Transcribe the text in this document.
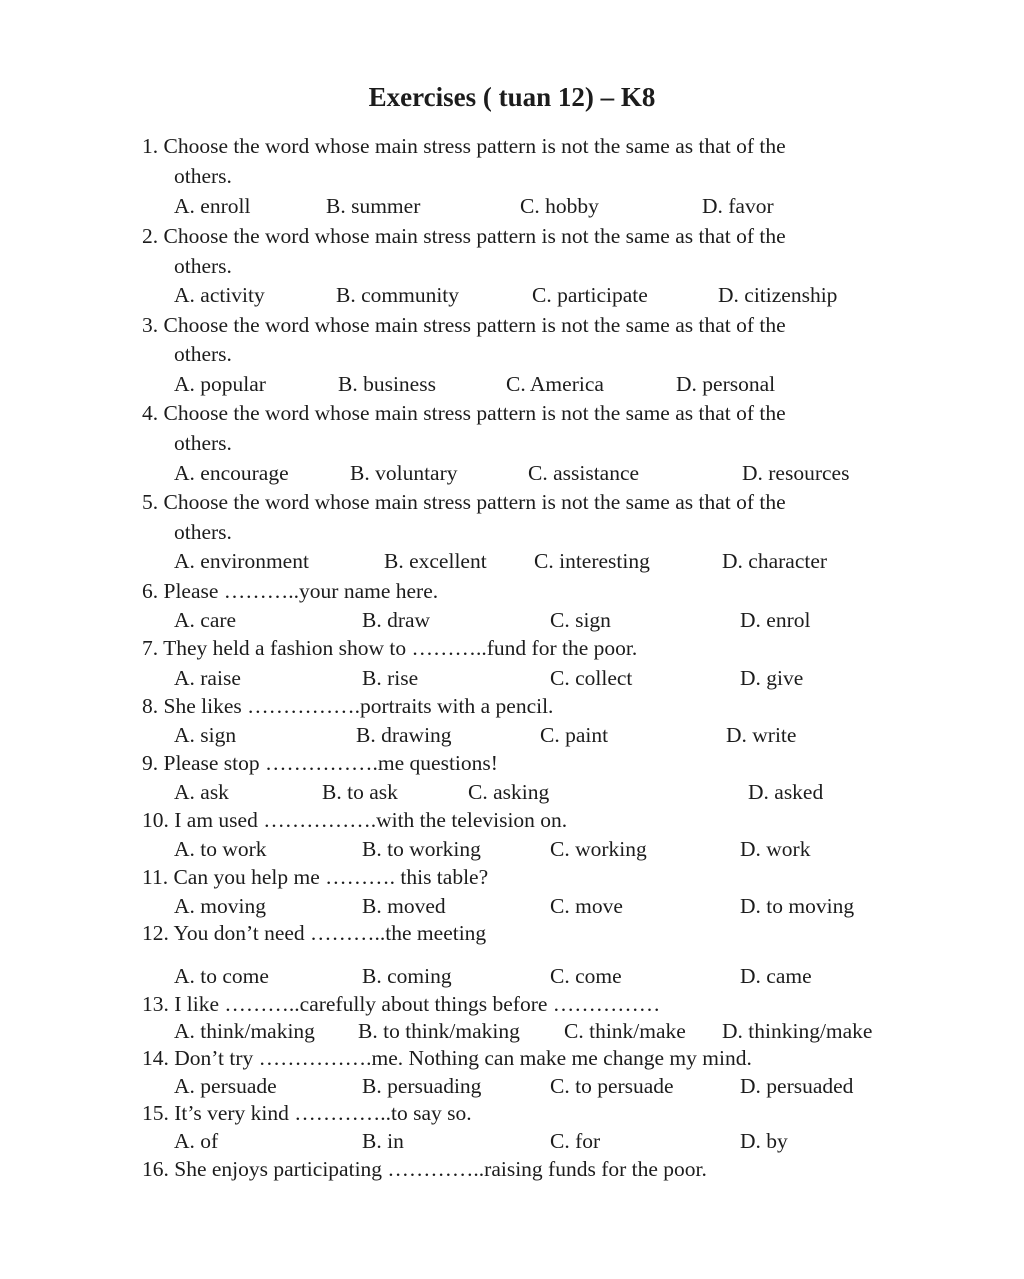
Exercises ( tuan 12) – K8
1. Choose the word whose main stress pattern is not the same as that of the
others.
A. enroll	B. summer	C. hobby	D. favor
2. Choose the word whose main stress pattern is not the same as that of the
others.
A. activity	B. community	C. participate	D. citizenship
3. Choose the word whose main stress pattern is not the same as that of the
others.
A. popular	B. business	C. America	D. personal
4. Choose the word whose main stress pattern is not the same as that of the
others.
A. encourage	B. voluntary	C. assistance	D. resources
5. Choose the word whose main stress pattern is not the same as that of the
others.
A. environment	B. excellent C. interesting	D. character
6. Please ………..your name here.
A. care	B. draw	C. sign	D. enrol
7. They held a fashion show to ………..fund for the poor.
A. raise	B. rise	C. collect	D. give
8. She likes …………….portraits with a pencil.
A. sign	B. drawing	C. paint	D. write
9. Please stop …………….me questions!
A. ask	B. to ask	C. asking	D. asked
10. I am used …………….with the television on.
A. to work	B. to working	C. working	D. work
11. Can you help me ………. this table?
A. moving	B. moved	C. move	D. to moving
12. You don’t need ………..the meeting
A. to come	B. coming	C. come	D. came
13. I like ………..carefully about things before ……………
A. think/making B. to think/making C. think/make D. thinking/make
14. Don’t try …………….me. Nothing can make me change my mind.
A. persuade	B. persuading	C. to persuade	D. persuaded
15. It’s very kind …………..to say so.
A. of	B. in	C. for	D. by
16. She enjoys participating …………..raising funds for the poor.
